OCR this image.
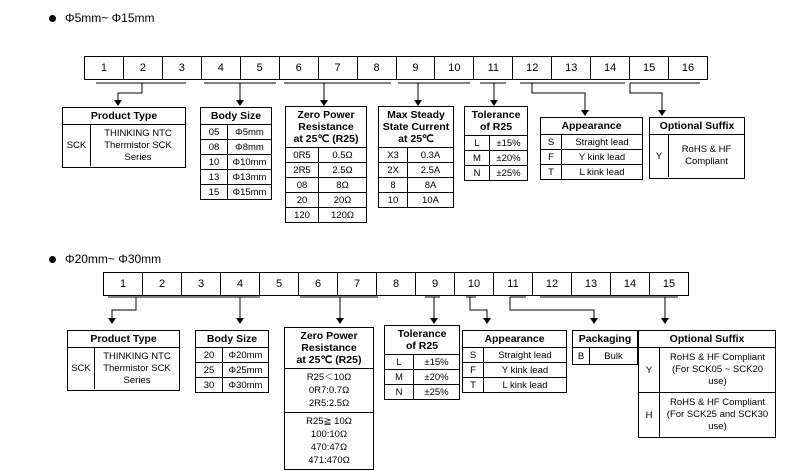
Φ5mm~ Φ15mm
1	2	3	4	5	6	7	8	9	10	11	12	13	14	15	16
Product Type
SCK
THINKING NTC Thermistor SCK Series
Body Size
05	Φ5mm
08	Φ8mm
10	Φ10mm
13	Φ13mm
15	Φ15mm
Zero Power
Resistance
at 25℃ (R25)
0R5	0.5Ω
2R5	2.5Ω
08	8Ω
20	20Ω
120	120Ω
Max Steady
State Current
at 25℃
X3	0.3A
2X	2.5A
8	8A
10	10A
Tolerance
of R25
L	±15%
M	±20%
N	±25%
Appearance
S	Straight lead
F	Y kink lead
T	L kink lead
Optional Suffix
Y
RoHS & HF Compliant
Φ20mm~ Φ30mm
1	2	3	4	5	6	7	8	9	10	11	12	13	14	15
Product Type
SCK
THINKING NTC Thermistor SCK Series
Body Size
20	Φ20mm
25	Φ25mm
30	Φ30mm
Zero Power
Resistance
at 25℃ (R25)
R25＜10Ω
0R7:0.7Ω
2R5:2.5Ω
R25≧ 10Ω
100:10Ω
470:47Ω
471:470Ω
Tolerance
of R25
L	±15%
M	±20%
N	±25%
Appearance
S	Straight lead
F	Y kink lead
T	L kink lead
Packaging
B	Bulk
Optional Suffix
Y	RoHS & HF Compliant (For SCK05 ~ SCK20 use)
H	RoHS & HF Compliant (For SCK25 and SCK30 use)
